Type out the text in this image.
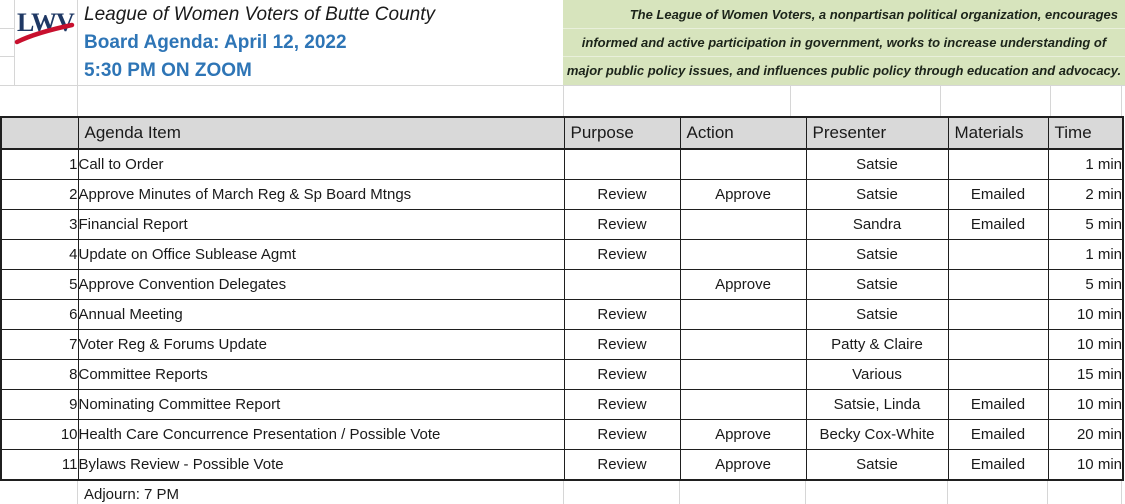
LWV League of Women Voters of Butte County
Board Agenda: April 12, 2022
5:30 PM ON ZOOM
The League of Women Voters, a nonpartisan political organization, encourages
informed and active participation in government, works to increase understanding of
major public policy issues, and influences public policy through education and advocacy.
	Agenda Item	Purpose	Action	Presenter	Materials	Time
1	Call to Order			Satsie		1 min
2	Approve Minutes of March Reg & Sp Board Mtngs	Review	Approve	Satsie	Emailed	2 min
3	Financial Report	Review		Sandra	Emailed	5 min
4	Update on Office Sublease Agmt	Review		Satsie		1 min
5	Approve Convention Delegates		Approve	Satsie		5 min
6	Annual Meeting	Review		Satsie		10 min
7	Voter Reg & Forums Update	Review		Patty & Claire		10 min
8	Committee Reports	Review		Various		15 min
9	Nominating Committee Report	Review		Satsie, Linda	Emailed	10 min
10	Health Care Concurrence Presentation / Possible Vote	Review	Approve	Becky Cox-White	Emailed	20 min
11	Bylaws Review - Possible Vote	Review	Approve	Satsie	Emailed	10 min
Adjourn: 7 PM
